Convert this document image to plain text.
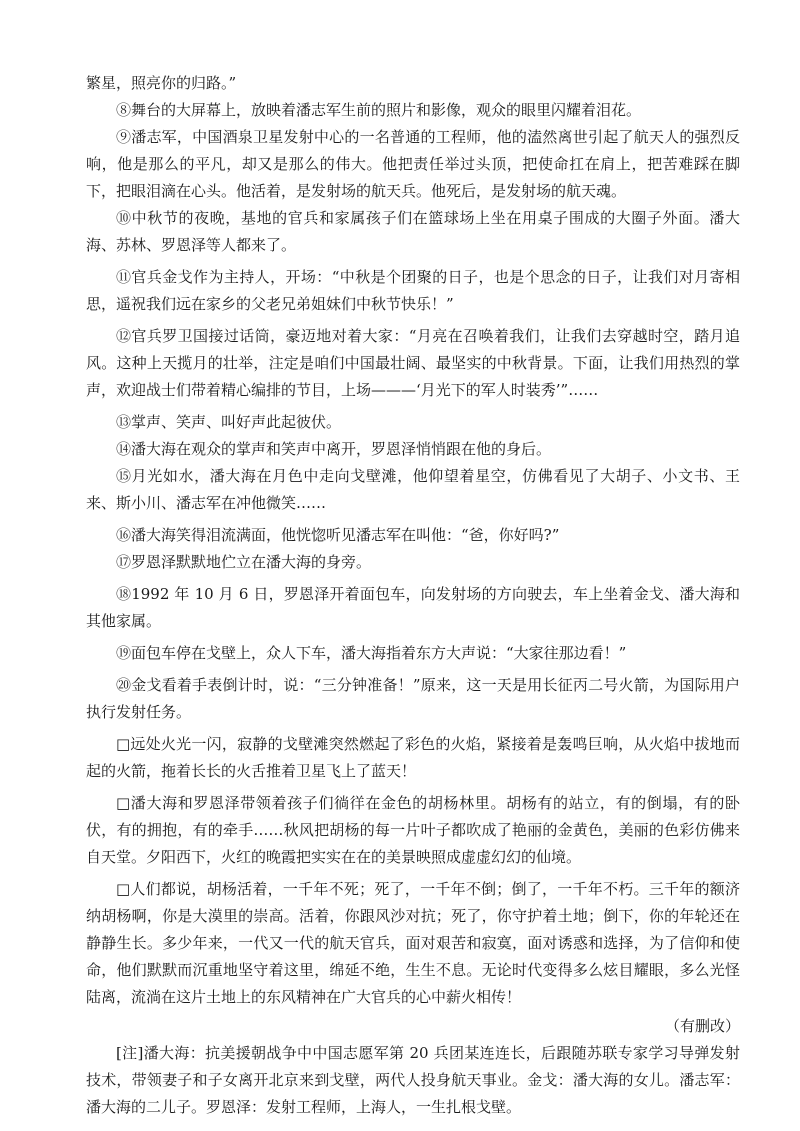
繁星，照亮你的归路。”

⑧舞台的大屏幕上，放映着潘志军生前的照片和影像，观众的眼里闪耀着泪花。

⑨潘志军，中国酒泉卫星发射中心的一名普通的工程师，他的溘然离世引起了航天人的强烈反响，他是那么的平凡，却又是那么的伟大。他把责任举过头顶，把使命扛在肩上，把苦难踩在脚下，把眼泪滴在心头。他活着，是发射场的航天兵。他死后，是发射场的航天魂。

⑩中秋节的夜晚，基地的官兵和家属孩子们在篮球场上坐在用桌子围成的大圈子外面。潘大海、苏林、罗恩泽等人都来了。

⑪官兵金戈作为主持人，开场：“中秋是个团聚的日子，也是个思念的日子，让我们对月寄相思，遥祝我们远在家乡的父老兄弟姐妹们中秋节快乐！”

⑫官兵罗卫国接过话筒，豪迈地对着大家：“月亮在召唤着我们，让我们去穿越时空，踏月追风。这种上天揽月的壮举，注定是咱们中国最壮阔、最坚实的中秋背景。下面，让我们用热烈的掌声，欢迎战士们带着精心编排的节目，上场———‘月光下的军人时装秀’”……

⑬掌声、笑声、叫好声此起彼伏。

⑭潘大海在观众的掌声和笑声中离开，罗恩泽悄悄跟在他的身后。

⑮月光如水，潘大海在月色中走向戈壁滩，他仰望着星空，仿佛看见了大胡子、小文书、王来、斯小川、潘志军在冲他微笑……

⑯潘大海笑得泪流满面，他恍惚听见潘志军在叫他：“爸，你好吗?”

⑰罗恩泽默默地伫立在潘大海的身旁。

⑱1992 年 10 月 6 日，罗恩泽开着面包车，向发射场的方向驶去，车上坐着金戈、潘大海和其他家属。

⑲面包车停在戈壁上，众人下车，潘大海指着东方大声说：“大家往那边看！”

⑳金戈看着手表倒计时，说：“三分钟准备！”原来，这一天是用长征丙二号火箭，为国际用户执行发射任务。

□远处火光一闪，寂静的戈壁滩突然燃起了彩色的火焰，紧接着是轰鸣巨响，从火焰中拔地而起的火箭，拖着长长的火舌推着卫星飞上了蓝天！

□潘大海和罗恩泽带领着孩子们徜徉在金色的胡杨林里。胡杨有的站立，有的倒塌，有的卧伏，有的拥抱，有的牵手……秋风把胡杨的每一片叶子都吹成了艳丽的金黄色，美丽的色彩仿佛来自天堂。夕阳西下，火红的晚霞把实实在在的美景映照成虚虚幻幻的仙境。

□人们都说，胡杨活着，一千年不死；死了，一千年不倒；倒了，一千年不朽。三千年的额济纳胡杨啊，你是大漠里的崇高。活着，你跟风沙对抗；死了，你守护着土地；倒下，你的年轮还在静静生长。多少年来，一代又一代的航天官兵，面对艰苦和寂寞，面对诱惑和选择，为了信仰和使命，他们默默而沉重地坚守着这里，绵延不绝，生生不息。无论时代变得多么炫目耀眼，多么光怪陆离，流淌在这片土地上的东风精神在广大官兵的心中薪火相传！

（有删改）

[注]潘大海：抗美援朝战争中中国志愿军第 20 兵团某连连长，后跟随苏联专家学习导弹发射技术，带领妻子和子女离开北京来到戈壁，两代人投身航天事业。金戈：潘大海的女儿。潘志军：潘大海的二儿子。罗恩泽：发射工程师，上海人，一生扎根戈壁。
